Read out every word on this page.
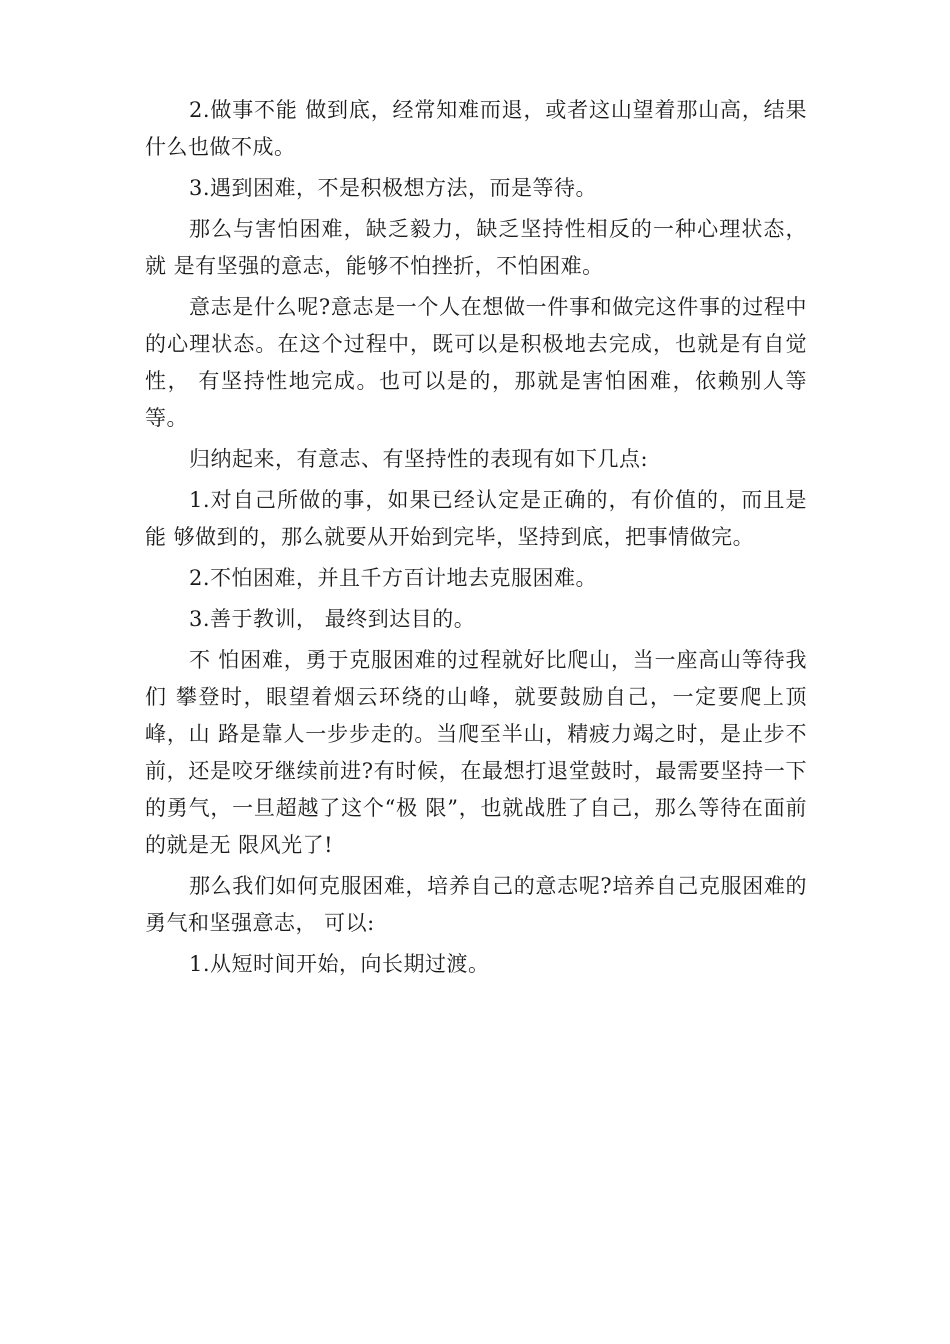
2.做事不能 做到底，经常知难而退，或者这山望着那山高，结果什么也做不成。

3.遇到困难，不是积极想方法，而是等待。

那么与害怕困难，缺乏毅力，缺乏坚持性相反的一种心理状态，就 是有坚强的意志，能够不怕挫折，不怕困难。

意志是什么呢?意志是一个人在想做一件事和做完这件事的过程中 的心理状态。在这个过程中，既可以是积极地去完成，也就是有自觉性， 有坚持性地完成。也可以是的，那就是害怕困难，依赖别人等等。

归纳起来，有意志、有坚持性的表现有如下几点:

1.对自己所做的事，如果已经认定是正确的，有价值的，而且是能 够做到的，那么就要从开始到完毕，坚持到底，把事情做完。

2.不怕困难，并且千方百计地去克服困难。

3.善于教训， 最终到达目的。

不 怕困难，勇于克服困难的过程就好比爬山，当一座高山等待我们 攀登时，眼望着烟云环绕的山峰，就要鼓励自己，一定要爬上顶峰，山 路是靠人一步步走的。当爬至半山，精疲力竭之时，是止步不前，还是咬牙继续前进?有时候，在最想打退堂鼓时，最需要坚持一下的勇气，一旦超越了这个“极 限”，也就战胜了自己，那么等待在面前的就是无 限风光了!

那么我们如何克服困难，培养自己的意志呢?培养自己克服困难的勇气和坚强意志， 可以:

1.从短时间开始，向长期过渡。
